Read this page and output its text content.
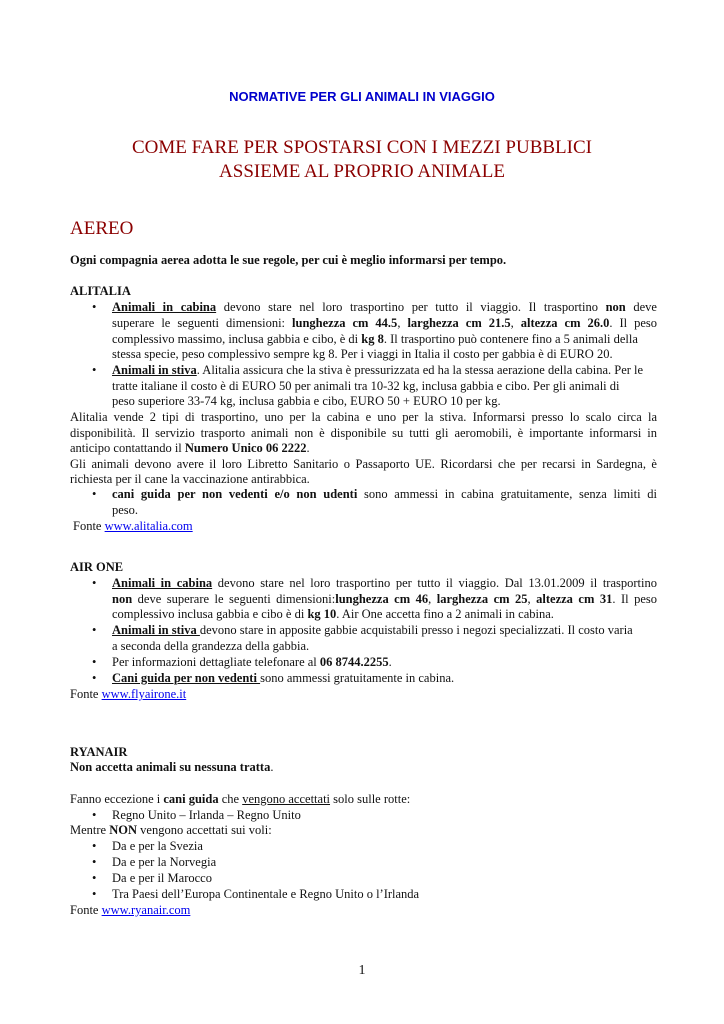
NORMATIVE PER GLI ANIMALI IN VIAGGIO
COME FARE PER SPOSTARSI CON I MEZZI PUBBLICI
ASSIEME AL PROPRIO ANIMALE
AEREO
Ogni compagnia aerea adotta le sue regole, per cui è meglio informarsi per tempo.
ALITALIA
• Animali in cabina devono stare nel loro trasportino per tutto il viaggio. Il trasportino non deve
superare le seguenti dimensioni: lunghezza cm 44.5, larghezza cm 21.5, altezza cm 26.0. Il peso
complessivo massimo, inclusa gabbia e cibo, è di kg 8. Il trasportino può contenere fino a 5 animali della
stessa specie, peso complessivo sempre kg 8. Per i viaggi in Italia il costo per gabbia è di EURO 20.
• Animali in stiva. Alitalia assicura che la stiva è pressurizzata ed ha la stessa aerazione della cabina. Per le
tratte italiane il costo è di EURO 50 per animali tra 10-32 kg, inclusa gabbia e cibo. Per gli animali di
peso superiore 33-74 kg, inclusa gabbia e cibo, EURO 50 + EURO 10 per kg.
Alitalia vende 2 tipi di trasportino, uno per la cabina e uno per la stiva. Informarsi presso lo scalo circa la
disponibilità. Il servizio trasporto animali non è disponibile su tutti gli aeromobili, è importante informarsi in
anticipo contattando il Numero Unico 06 2222.
Gli animali devono avere il loro Libretto Sanitario o Passaporto UE. Ricordarsi che per recarsi in Sardegna, è
richiesta per il cane la vaccinazione antirabbica.
• cani guida per non vedenti e/o non udenti sono ammessi in cabina gratuitamente, senza limiti di
peso.
Fonte www.alitalia.com
AIR ONE
• Animali in cabina devono stare nel loro trasportino per tutto il viaggio. Dal 13.01.2009 il trasportino
non deve superare le seguenti dimensioni:lunghezza cm 46, larghezza cm 25, altezza cm 31. Il peso
complessivo inclusa gabbia e cibo è di kg 10. Air One accetta fino a 2 animali in cabina.
• Animali in stiva devono stare in apposite gabbie acquistabili presso i negozi specializzati. Il costo varia
a seconda della grandezza della gabbia.
• Per informazioni dettagliate telefonare al 06 8744.2255.
• Cani guida per non vedenti sono ammessi gratuitamente in cabina.
Fonte www.flyairone.it
RYANAIR
Non accetta animali su nessuna tratta.
Fanno eccezione i cani guida che vengono accettati solo sulle rotte:
• Regno Unito – Irlanda – Regno Unito
Mentre NON vengono accettati sui voli:
• Da e per la Svezia
• Da e per la Norvegia
• Da e per il Marocco
• Tra Paesi dell’Europa Continentale e Regno Unito o l’Irlanda
Fonte www.ryanair.com
1
